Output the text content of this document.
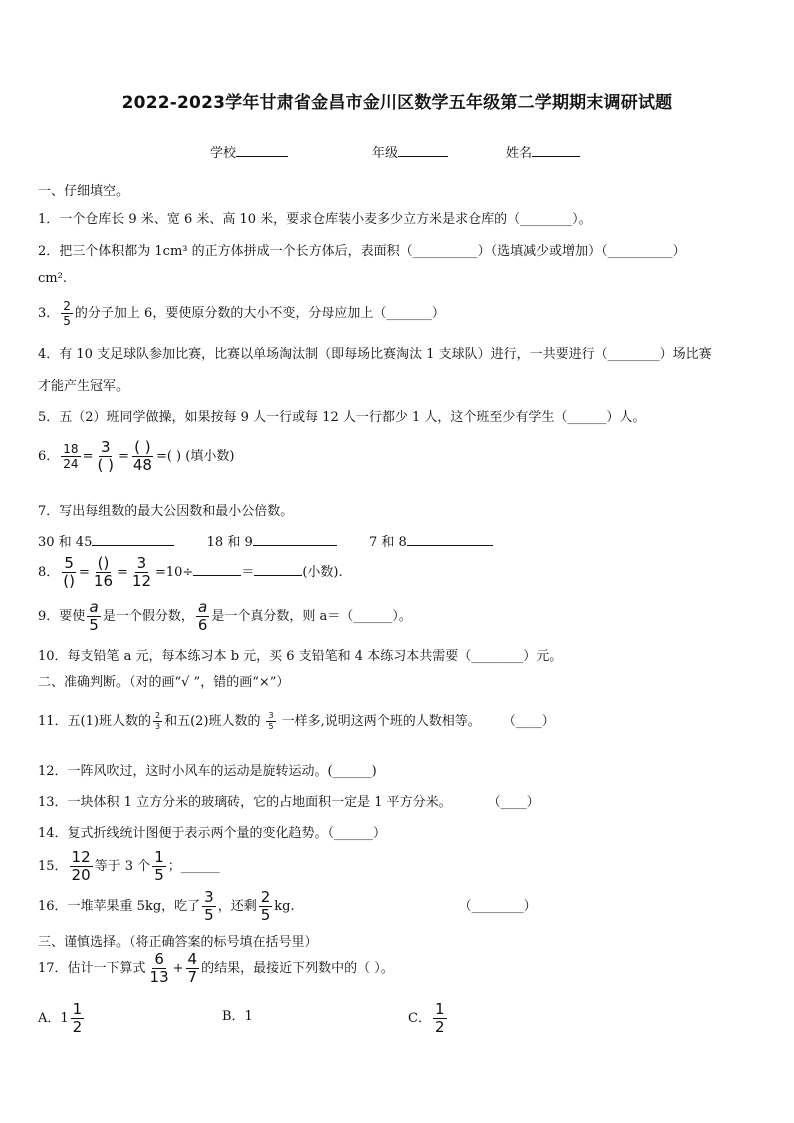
2022-2023学年甘肃省金昌市金川区数学五年级第二学期期末调研试题
学校	年级	姓名
一、仔细填空。
1．一个仓库长 9 米、宽 6 米、高 10 米，要求仓库装小麦多少立方米是求仓库的（________）。
2．把三个体积都为 1cm³ 的正方体拼成一个长方体后，表面积（__________）（选填减少或增加）（__________）
cm².
3． $\frac{2}{5}$ 的分子加上 6，要使原分数的大小不变，分母应加上（_______）
4．有 10 支足球队参加比赛，比赛以单场淘汰制（即每场比赛淘汰 1 支球队）进行，一共要进行（________）场比赛
才能产生冠军。
5．五（2）班同学做操，如果按每 9 人一行或每 12 人一行都少 1 人，这个班至少有学生（______）人。
6． $\frac{18}{24} = \frac{3}{( )} = \frac{( )}{48}$ =( ) (填小数)
7．写出每组数的最大公因数和最小公倍数。
30 和 45	18 和 9	7 和 8
8． $\frac{5}{()} = \frac{()}{16} = \frac{3}{12} =10\div$	＝	(小数).
9．要使 $\frac{a}{5}$ 是一个假分数， $\frac{a}{6}$ 是一个真分数，则 a＝（______）。
10．每支铅笔 a 元，每本练习本 b 元，买 6 支铅笔和 4 本练习本共需要（________）元。
二、准确判断。（对的画“√ ”，错的画“×”）
11．五(1)班人数的 $\frac{2}{3}$ 和五(2)班人数的 $\frac{3}{5}$ 一样多,说明这两个班的人数相等。 （____）
12．一阵风吹过，这时小风车的运动是旋转运动。(______)
13．一块体积 1 立方分米的玻璃砖，它的占地面积一定是 1 平方分米。	（____）
14．复式折线统计图便于表示两个量的变化趋势。（______）
15． $\frac{12}{20}$ 等于 3 个 $\frac{1}{5}$ ；______
16．一堆苹果重 5kg，吃了 $\frac{3}{5}$ ，还剩 $\frac{2}{5}$ kg.	（________）
三、谨慎选择。（将正确答案的标号填在括号里）
17．估计一下算式 $\frac{6}{13} + \frac{4}{7}$ 的结果，最接近下列数中的（ ）。
A．$1 \frac{1}{2}$	B．1	C． $\frac{1}{2}$
